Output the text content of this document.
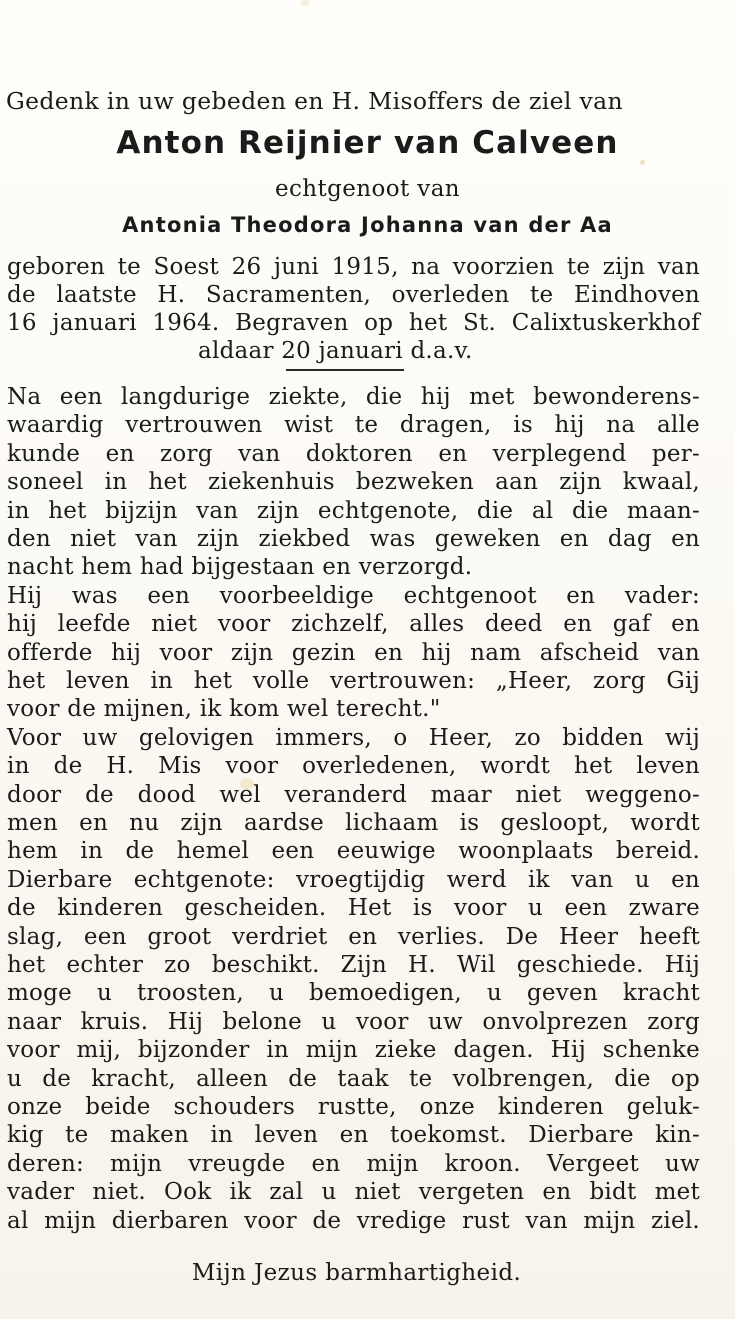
Gedenk in uw gebeden en H. Misoffers de ziel van
Anton Reijnier van Calveen
echtgenoot van
Antonia Theodora Johanna van der Aa
geboren te Soest 26 juni 1915, na voorzien te zijn van
de laatste H. Sacramenten, overleden te Eindhoven
16 januari 1964. Begraven op het St. Calixtuskerkhof
aldaar 20 januari d.a.v.
Na een langdurige ziekte, die hij met bewonderens-
waardig vertrouwen wist te dragen, is hij na alle
kunde en zorg van doktoren en verplegend per-
soneel in het ziekenhuis bezweken aan zijn kwaal,
in het bijzijn van zijn echtgenote, die al die maan-
den niet van zijn ziekbed was geweken en dag en
nacht hem had bijgestaan en verzorgd.
Hij was een voorbeeldige echtgenoot en vader:
hij leefde niet voor zichzelf, alles deed en gaf en
offerde hij voor zijn gezin en hij nam afscheid van
het leven in het volle vertrouwen: „Heer, zorg Gij
voor de mijnen, ik kom wel terecht."
Voor uw gelovigen immers, o Heer, zo bidden wij
in de H. Mis voor overledenen, wordt het leven
door de dood wel veranderd maar niet weggeno-
men en nu zijn aardse lichaam is gesloopt, wordt
hem in de hemel een eeuwige woonplaats bereid.
Dierbare echtgenote: vroegtijdig werd ik van u en
de kinderen gescheiden. Het is voor u een zware
slag, een groot verdriet en verlies. De Heer heeft
het echter zo beschikt. Zijn H. Wil geschiede. Hij
moge u troosten, u bemoedigen, u geven kracht
naar kruis. Hij belone u voor uw onvolprezen zorg
voor mij, bijzonder in mijn zieke dagen. Hij schenke
u de kracht, alleen de taak te volbrengen, die op
onze beide schouders rustte, onze kinderen geluk-
kig te maken in leven en toekomst. Dierbare kin-
deren: mijn vreugde en mijn kroon. Vergeet uw
vader niet. Ook ik zal u niet vergeten en bidt met
al mijn dierbaren voor de vredige rust van mijn ziel.
Mijn Jezus barmhartigheid.
